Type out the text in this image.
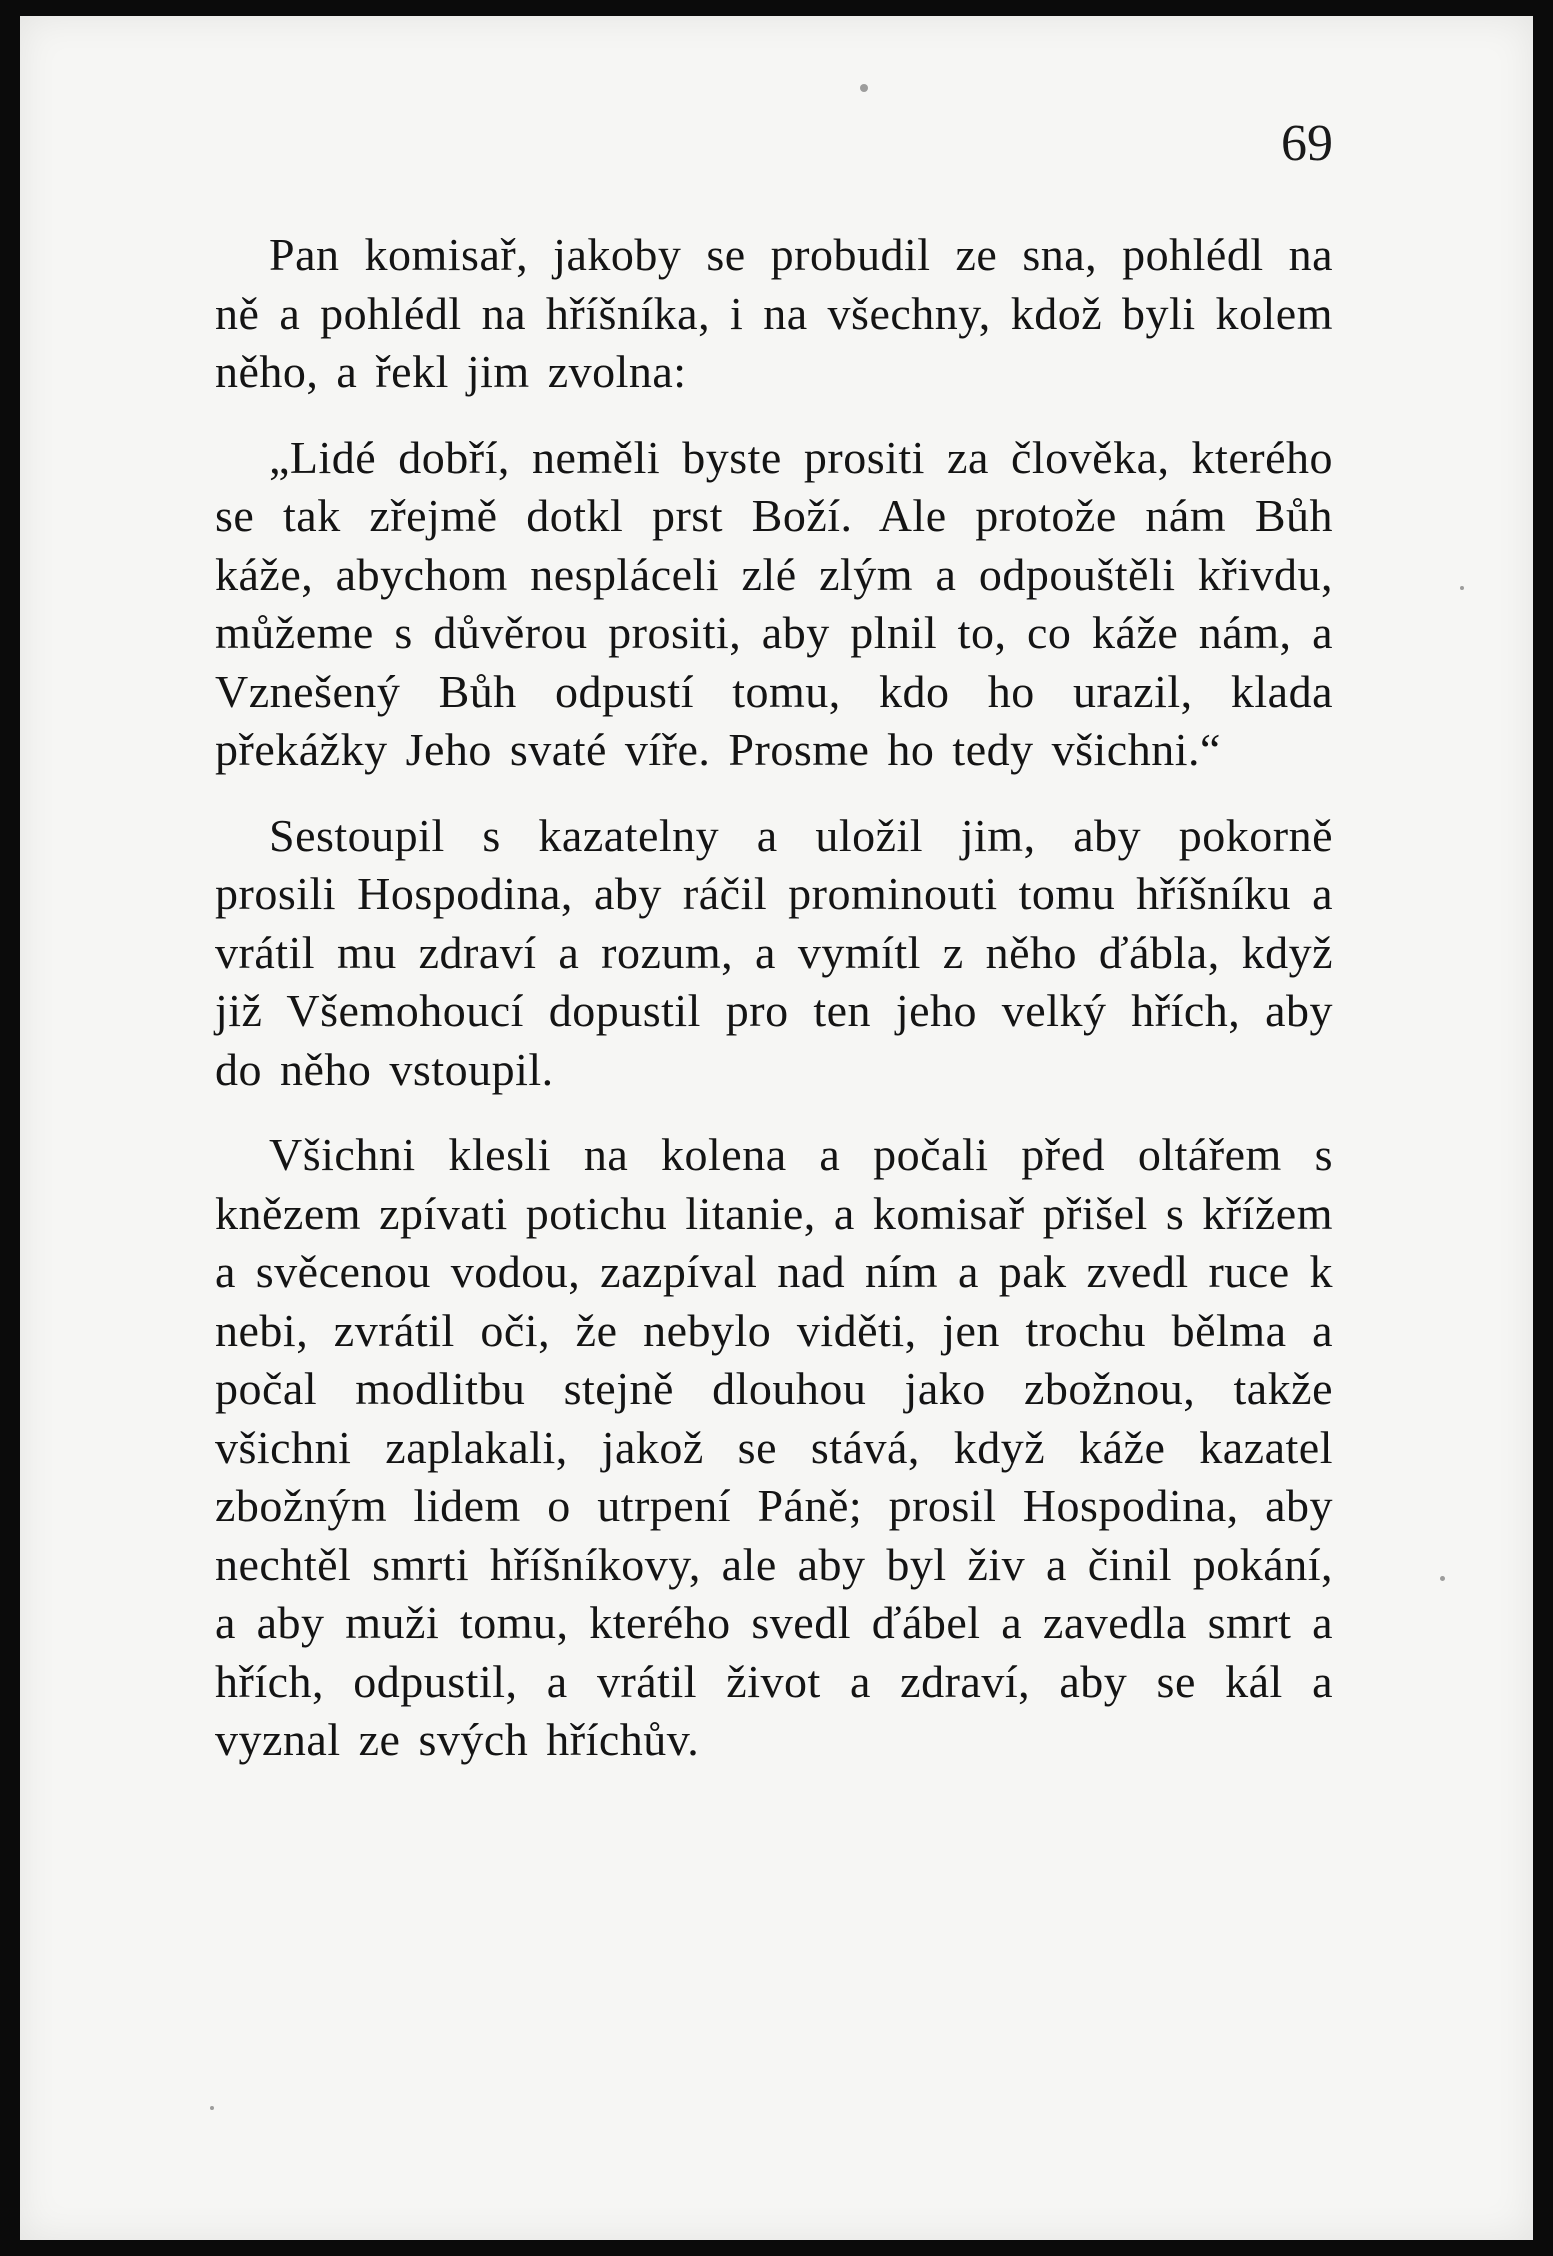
69

Pan komisař, jakoby se probudil ze sna, pohlédl na ně a pohlédl na hříšníka, i na všechny, kdož byli kolem něho, a řekl jim zvolna:

„Lidé dobří, neměli byste prositi za člověka, kterého se tak zřejmě dotkl prst Boží. Ale protože nám Bůh káže, abychom nespláceli zlé zlým a odpouštěli křivdu, můžeme s důvěrou prositi, aby plnil to, co káže nám, a Vznešený Bůh odpustí tomu, kdo ho urazil, klada překážky Jeho svaté víře. Prosme ho tedy všichni.“

Sestoupil s kazatelny a uložil jim, aby pokorně prosili Hospodina, aby ráčil prominouti tomu hříšníku a vrátil mu zdraví a rozum, a vymítl z něho ďábla, když již Všemohoucí dopustil pro ten jeho velký hřích, aby do něho vstoupil.

Všichni klesli na kolena a počali před oltářem s knězem zpívati potichu litanie, a komisař přišel s křížem a svěcenou vodou, zazpíval nad ním a pak zvedl ruce k nebi, zvrátil oči, že nebylo viděti, jen trochu bělma a počal modlitbu stejně dlouhou jako zbožnou, takže všichni zaplakali, jakož se stává, když káže kazatel zbožným lidem o utrpení Páně; prosil Hospodina, aby nechtěl smrti hříšníkovy, ale aby byl živ a činil pokání, a aby muži tomu, kterého svedl ďábel a zavedla smrt a hřích, odpustil, a vrátil život a zdraví, aby se kál a vyznal ze svých hříchův.
